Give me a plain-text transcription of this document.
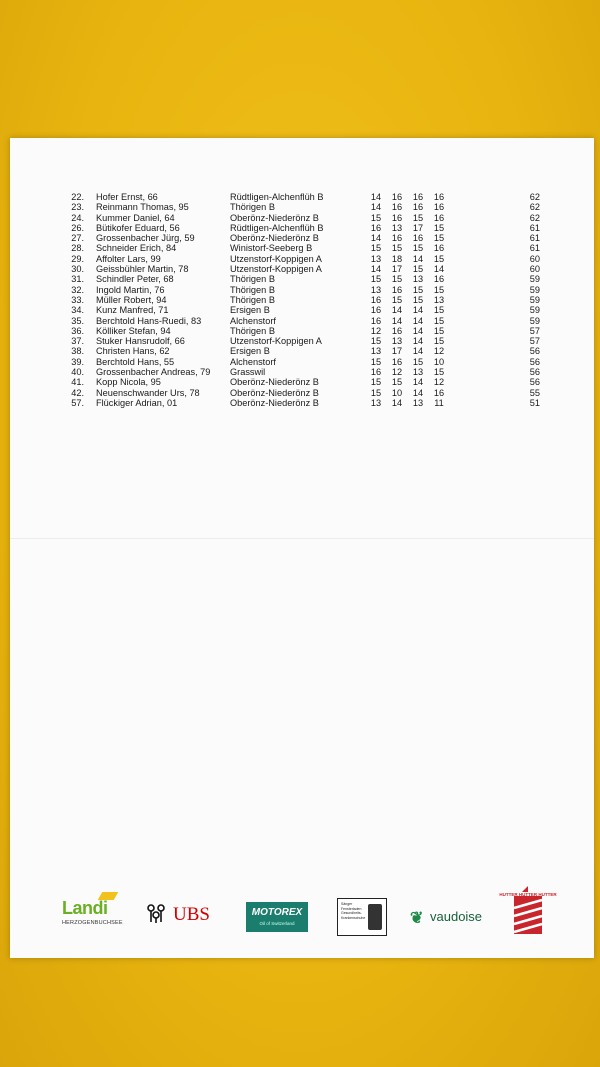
22. Hofer Ernst, 66	Rüdtligen-Alchenflüh B	14	16	16	16	62
23. Reinmann Thomas, 95	Thörigen B	14	16	16	16	62
24. Kummer Daniel, 64	Oberönz-Niederönz B	15	16	15	16	62
26. Bütikofer Eduard, 56	Rüdtligen-Alchenflüh B	16	13	17	15	61
27. Grossenbacher Jürg, 59	Oberönz-Niederönz B	14	16	16	15	61
28. Schneider Erich, 84	Winistorf-Seeberg B	15	15	15	16	61
29. Affolter Lars, 99	Utzenstorf-Koppigen A	13	18	14	15	60
30. Geissbühler Martin, 78	Utzenstorf-Koppigen A	14	17	15	14	60
31. Schindler Peter, 68	Thörigen B	15	15	13	16	59
32. Ingold Martin, 76	Thörigen B	13	16	15	15	59
33. Müller Robert, 94	Thörigen B	16	15	15	13	59
34. Kunz Manfred, 71	Ersigen B	16	14	14	15	59
35. Berchtold Hans-Ruedi, 83	Alchenstorf	16	14	14	15	59
36. Kölliker Stefan, 94	Thörigen B	12	16	14	15	57
37. Stuker Hansrudolf, 66	Utzenstorf-Koppigen A	15	13	14	15	57
38. Christen Hans, 62	Ersigen B	13	17	14	12	56
39. Berchtold Hans, 55	Alchenstorf	15	16	15	10	56
40. Grossenbacher Andreas, 79 Grasswil	16	12	13	15	56
41. Kopp Nicola, 95	Oberönz-Niederönz B	15	15	14	12	56
42. Neuenschwander Urs, 78	Oberönz-Niederönz B	15	10	14	16	55
57. Flückiger Adrian, 01	Oberönz-Niederönz B	13	14	13	11	51
Landi
HERZOGENBUCHSEE	UBS	MOTOREX
Oil of Switzerland
Sänger Fensterladen Gesundheits-Krankenschuhe	❦ vaudoise
HUTTER HUTTER HUTTER
